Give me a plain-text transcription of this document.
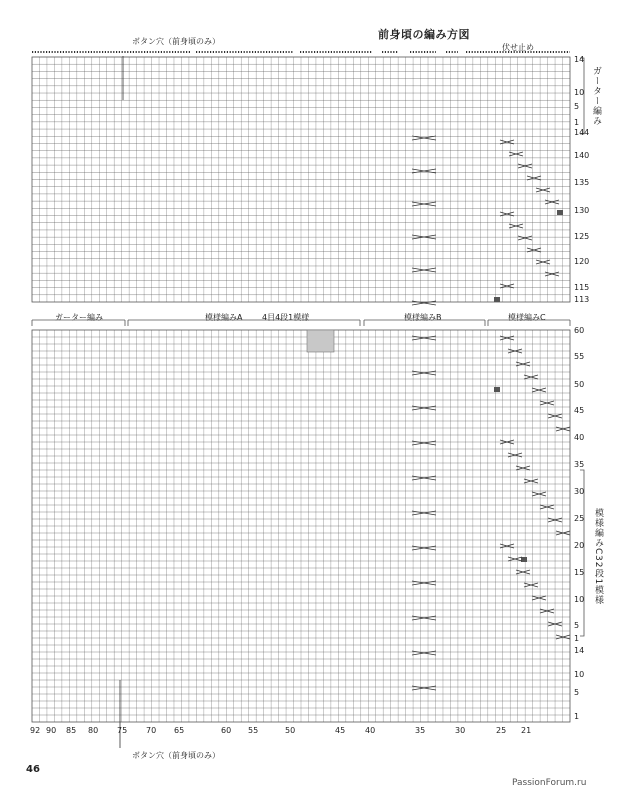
前身頃の編み方図
ボタン穴（前身頃のみ）
伏せ止め
ガーター編み
模様編みC
32段1模様
ガーター編み	模様編みA 4目4段1模様	模様編みB	模様編みC
ボタン穴（前身頃のみ）
46
PassionForum.ru
14
10
5
1
144
140
135
130
125
120
115
113
60
55
50
45
40
35
30
25
20
15
10
5
1
14
10
5
1
92 90 85 80 75 70 65	60 55	50	45 40	35	30	25 21
